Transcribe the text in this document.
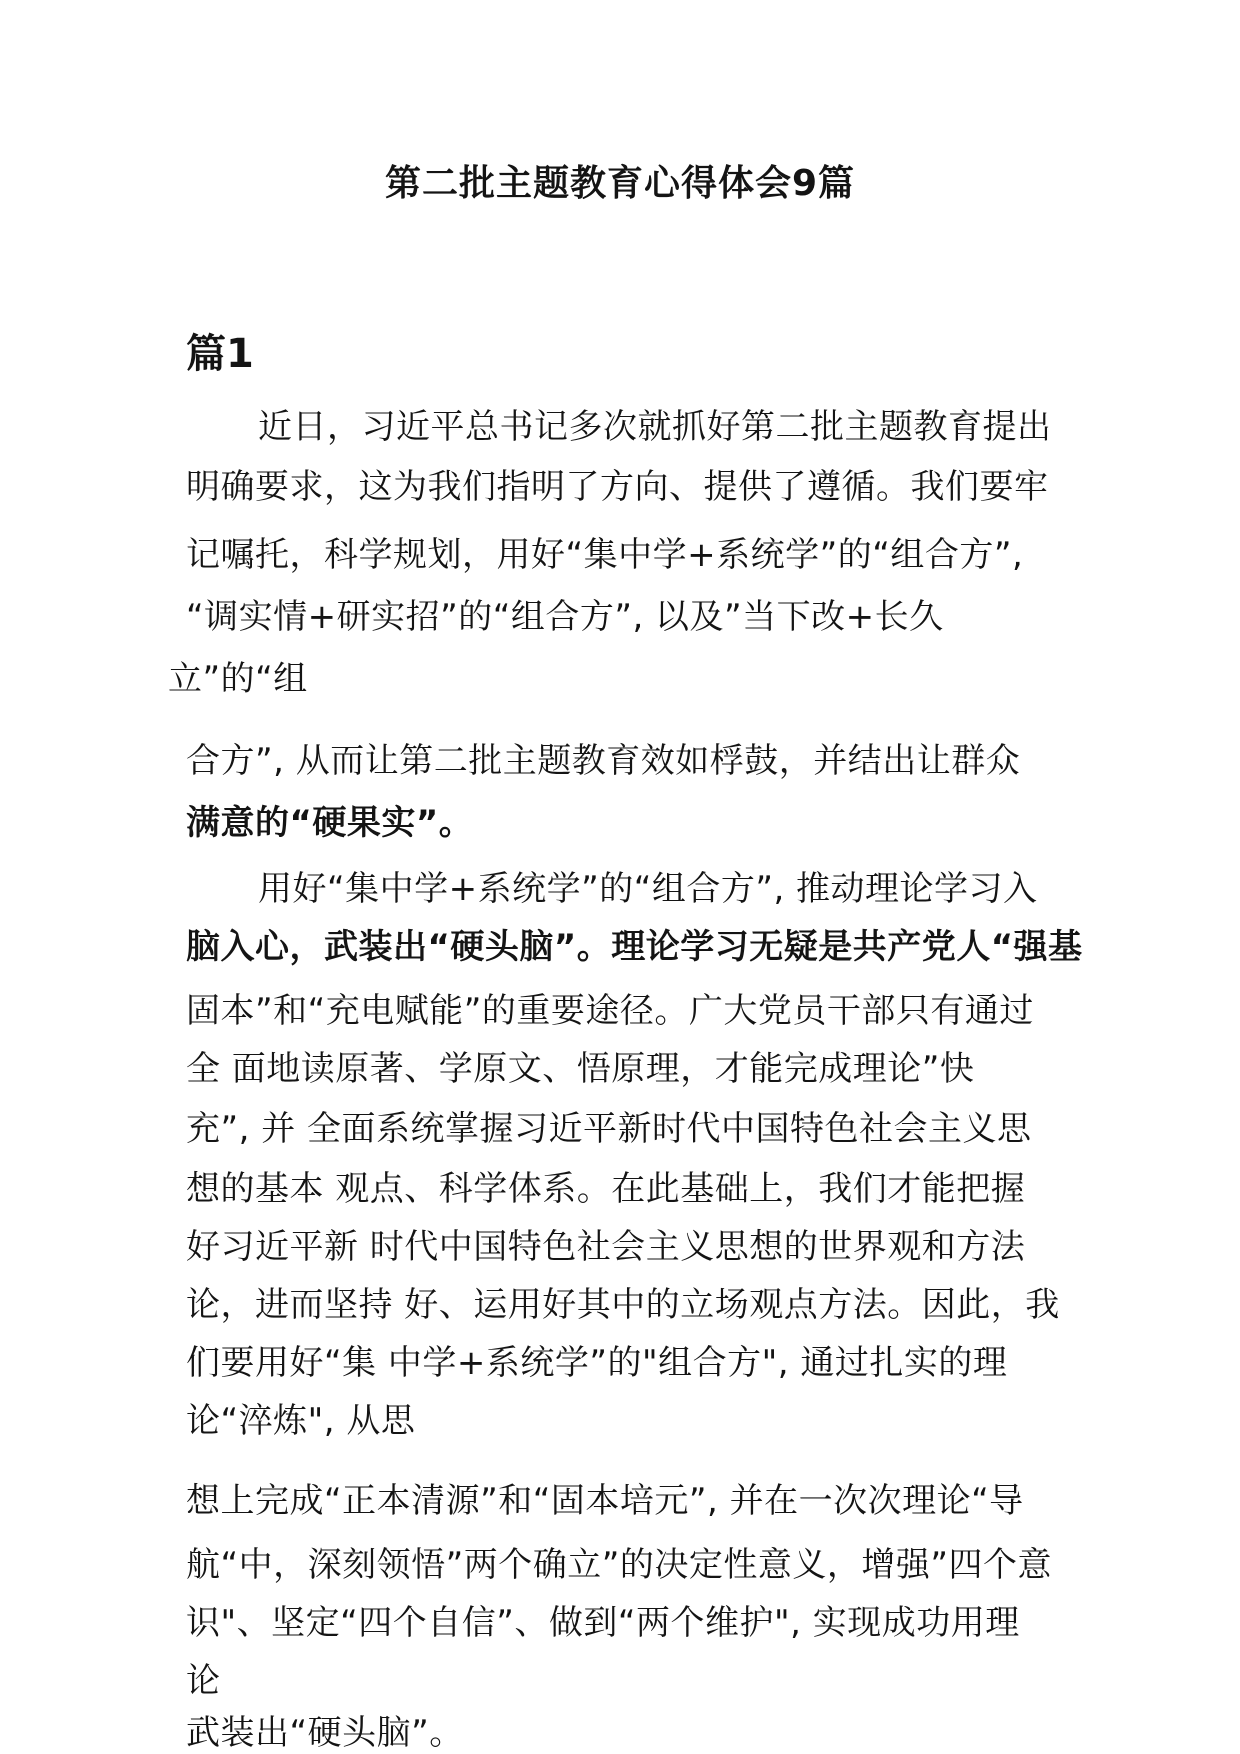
第二批主题教育心得体会9篇
篇1
近日，习近平总书记多次就抓好第二批主题教育提出
明确要求，这为我们指明了方向、提供了遵循。我们要牢
记嘱托，科学规划，用好“集中学+系统学”的“组合方”,
“调实情+研实招”的“组合方”, 以及”当下改+长久
立”的“组
合方”, 从而让第二批主题教育效如桴鼓，并结出让群众
满意的“硬果实”。
用好“集中学+系统学”的“组合方”, 推动理论学习入
脑入心，武装出“硬头脑”。理论学习无疑是共产党人“强基
固本”和“充电赋能”的重要途径。广大党员干部只有通过
全 面地读原著、学原文、悟原理，才能完成理论”快
充”, 并 全面系统掌握习近平新时代中国特色社会主义思
想的基本 观点、科学体系。在此基础上，我们才能把握
好习近平新 时代中国特色社会主义思想的世界观和方法
论，进而坚持 好、运用好其中的立场观点方法。因此，我
们要用好“集 中学+系统学”的"组合方", 通过扎实的理
论“淬炼", 从思
想上完成“正本清源”和“固本培元”, 并在一次次理论“导
航“中，深刻领悟”两个确立”的决定性意义，增强”四个意
识"、坚定“四个自信”、做到“两个维护", 实现成功用理
论
武装出“硬头脑”。
